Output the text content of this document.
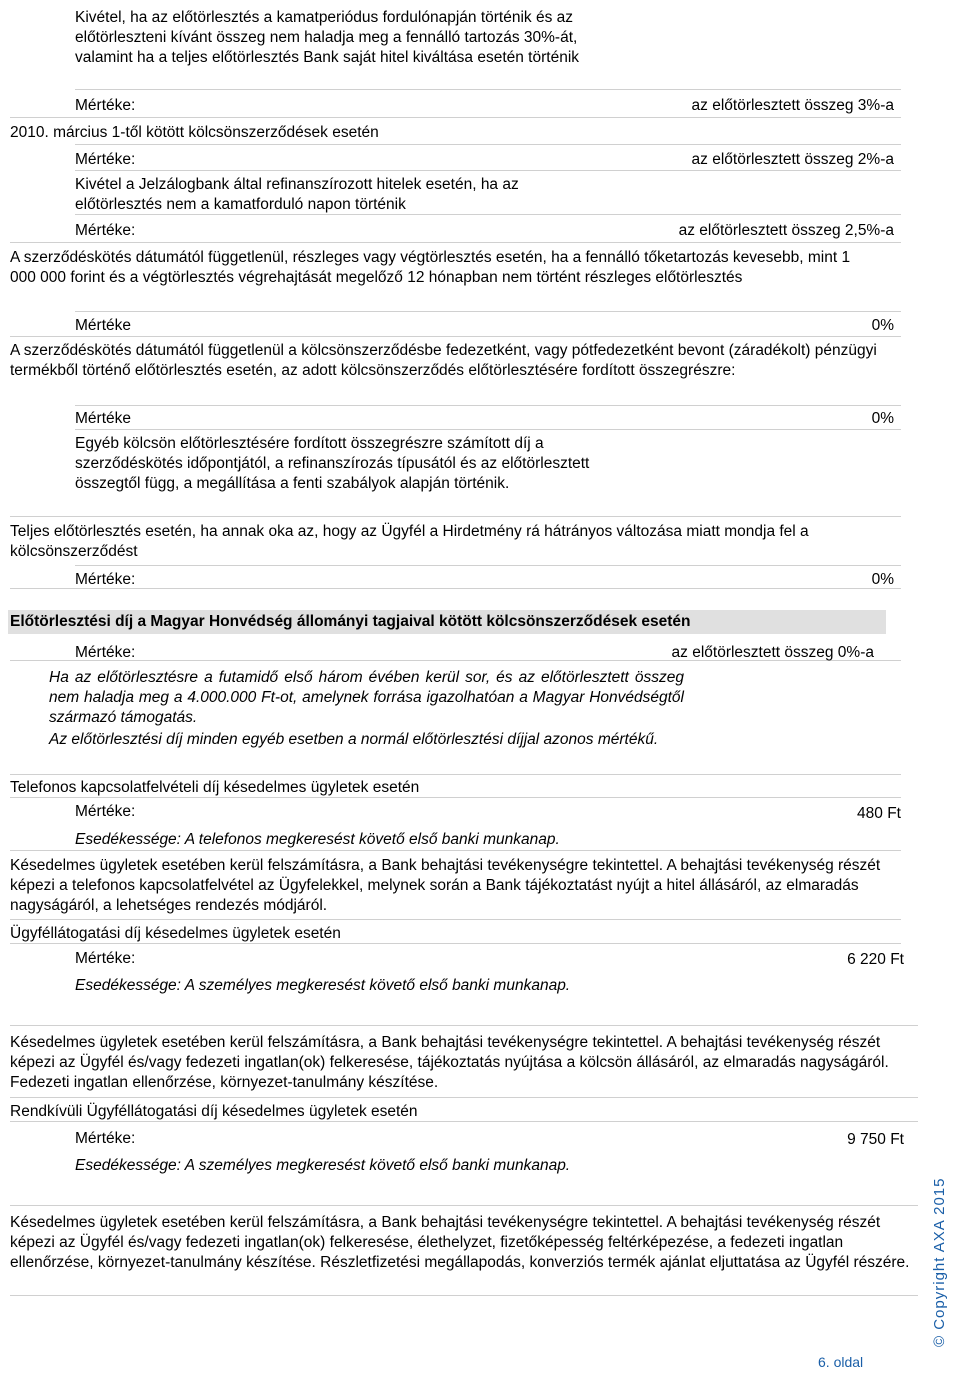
Kivétel, ha az előtörlesztés a kamatperiódus fordulónapján történik és az előtörleszteni kívánt összeg nem haladja meg a fennálló tartozás 30%-át, valamint ha a teljes előtörlesztés Bank saját hitel kiváltása esetén történik
Mértéke:	az előtörlesztett összeg 3%-a
2010. március 1-től kötött kölcsönszerződések esetén
Mértéke:	az előtörlesztett összeg 2%-a
Kivétel a Jelzálogbank által refinanszírozott hitelek esetén, ha az előtörlesztés nem a kamatforduló napon történik
Mértéke:	az előtörlesztett összeg 2,5%-a
A szerződéskötés dátumától függetlenül, részleges vagy végtörlesztés esetén, ha a fennálló tőketartozás kevesebb, mint 1 000 000 forint és a végtörlesztés végrehajtását megelőző 12 hónapban nem történt részleges előtörlesztés
Mértéke	0%
A szerződéskötés dátumától függetlenül a kölcsönszerződésbe fedezetként, vagy pótfedezetként bevont (záradékolt) pénzügyi termékből történő előtörlesztés esetén, az adott kölcsönszerződés előtörlesztésére fordított összegrészre:
Mértéke	0%
Egyéb kölcsön előtörlesztésére fordított összegrészre számított díj a szerződéskötés időpontjától, a refinanszírozás típusától és az előtörlesztett összegtől függ, a megállítása a fenti szabályok alapján történik.
Teljes előtörlesztés esetén, ha annak oka az, hogy az Ügyfél a Hirdetmény rá hátrányos változása miatt mondja fel a kölcsönszerződést
Mértéke:	0%
Előtörlesztési díj a Magyar Honvédség állományi tagjaival kötött kölcsönszerződések esetén
Mértéke:	az előtörlesztett összeg 0%-a
Ha az előtörlesztésre a futamidő első három évében kerül sor, és az előtörlesztett összeg nem haladja meg a 4.000.000 Ft-ot, amelynek forrása igazolhatóan a Magyar Honvédségtől származó támogatás.
Az előtörlesztési díj minden egyéb esetben a normál előtörlesztési díjjal azonos mértékű.
Telefonos kapcsolatfelvételi díj késedelmes ügyletek esetén
Mértéke:	480 Ft
Esedékessége: A telefonos megkeresést követő első banki munkanap.
Késedelmes ügyletek esetében kerül felszámításra, a Bank behajtási tevékenységre tekintettel. A behajtási tevékenység részét képezi a telefonos kapcsolatfelvétel az Ügyfelekkel, melynek során a Bank tájékoztatást nyújt a hitel állásáról, az elmaradás nagyságáról, a lehetséges rendezés módjáról.
Ügyféllátogatási díj késedelmes ügyletek esetén
Mértéke:	6 220 Ft
Esedékessége: A személyes megkeresést követő első banki munkanap.
Késedelmes ügyletek esetében kerül felszámításra, a Bank behajtási tevékenységre tekintettel. A behajtási tevékenység részét képezi az Ügyfél és/vagy fedezeti ingatlan(ok) felkeresése, tájékoztatás nyújtása a kölcsön állásáról, az elmaradás nagyságáról. Fedezeti ingatlan ellenőrzése, környezet-tanulmány készítése.
Rendkívüli Ügyféllátogatási díj késedelmes ügyletek esetén
Mértéke:	9 750 Ft
Esedékessége: A személyes megkeresést követő első banki munkanap.
Késedelmes ügyletek esetében kerül felszámításra, a Bank behajtási tevékenységre tekintettel. A behajtási tevékenység részét képezi az Ügyfél és/vagy fedezeti ingatlan(ok) felkeresése, élethelyzet, fizetőképesség feltérképezése, a fedezeti ingatlan ellenőrzése, környezet-tanulmány készítése. Részletfizetési megállapodás, konverziós termék ajánlat eljuttatása az Ügyfél részére. © Copyright AXA 2015
6. oldal
